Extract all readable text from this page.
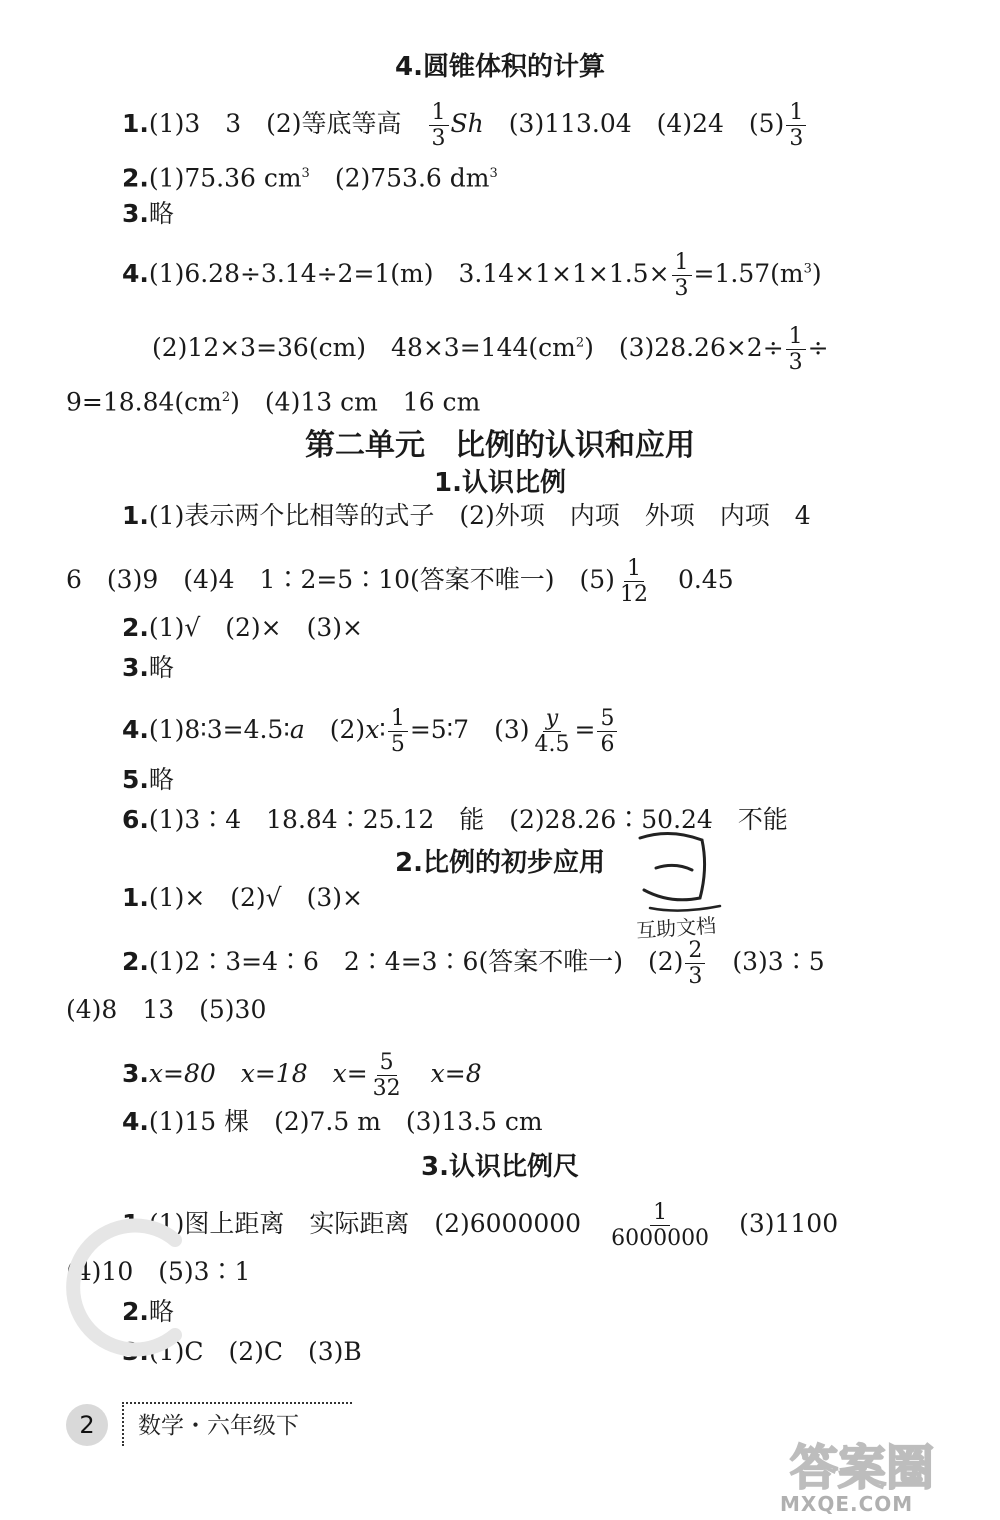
4.圆锥体积的计算
1.(1)3　3　(2)等底等高　 $\frac{1}{3}$ Sh　(3)113.04　(4)24　$(5) \frac{1}{3}$
2.(1)75.36 $cm^3$　(2)753.6 $dm^3$
3.略
4.(1)6.28÷3.14÷2=1(m)　$3.14\times 1\times 1\times 1.5\times \frac{1}{3} =1.57(m^3)$
(2)12×3=36(cm)　$48\times 3=144(cm^2)$　$(3)28.26\times 2\div \frac{1}{3}$ ÷
$9=18.84(cm^2)$　(4)13 cm　16 cm
第二单元　比例的认识和应用
1.认识比例
1.(1)表示两个比相等的式子　(2)外项　内项　外项　内项　4
6　(3)9　(4)4　1∶2=5∶10(答案不唯一)　$(5) \frac{1}{12}$ 　0.45
2.(1)√　(2)×　(3)×
3.略
4.(1)8∶3=4.5∶a　(2)x∶ $\frac{1}{5}$ =5∶7　$(3) \frac{y}{4.5} = \frac{5}{6}$
5.略
6.(1)3∶4　18.84∶25.12　能　(2)28.26∶50.24　不能
2.比例的初步应用
1.(1)×　(2)√　(3)×
2.(1)2∶3=4∶6　2∶4=3∶6(答案不唯一)　$(2) \frac{2}{3}$ 　(3)3∶5
(4)8　13　(5)30
3.x=80　x=18　$x= \frac{5}{32}$ 　x=8
4.(1)15 棵　(2)7.5 m　(3)13.5 cm
3.认识比例尺
1.(1)图上距离　实际距离　(2)6000000　 $\frac{1}{6000000}$ 　(3)1100
(4)10　(5)3∶1
2.略
3.(1)C　(2)C　(3)B
互助文档
2	数学・六年级下
答案圈
MXQE.COM
